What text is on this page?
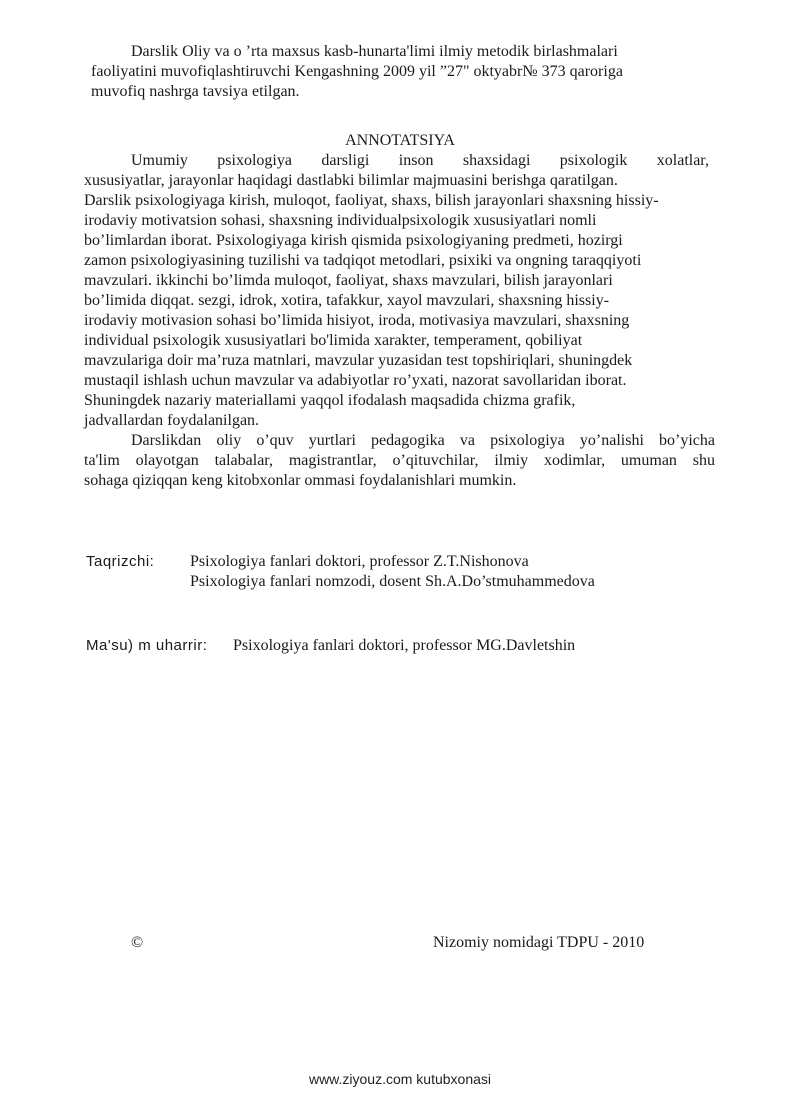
Darslik Oliy va o ’rta maxsus kasb-hunarta'limi ilmiy metodik birlashmalari
faoliyatini muvofiqlashtiruvchi Kengashning 2009 yil ”27" oktyabr№ 373 qaroriga
muvofiq nashrga tavsiya etilgan.
ANNOTATSIYA
Umumiy psixologiya darsligi inson shaxsidagi psixologik xolatlar,
xususiyatlar, jarayonlar haqidagi dastlabki bilimlar majmuasini berishga qaratilgan.
Darslik psixologiyaga kirish, muloqot, faoliyat, shaxs, bilish jarayonlari shaxsning hissiy-
irodaviy motivatsion sohasi, shaxsning individualpsixologik xususiyatlari nomli
bo’limlardan iborat. Psixologiyaga kirish qismida psixologiyaning predmeti, hozirgi
zamon psixologiyasining tuzilishi va tadqiqot metodlari, psixiki va ongning taraqqiyoti
mavzulari. ikkinchi bo’limda muloqot, faoliyat, shaxs mavzulari, bilish jarayonlari
bo’limida diqqat. sezgi, idrok, xotira, tafakkur, xayol mavzulari, shaxsning hissiy-
irodaviy motivasion sohasi bo’limida hisiyot, iroda, motivasiya mavzulari, shaxsning
individual psixologik xususiyatlari bo'limida xarakter, temperament, qobiliyat
mavzulariga doir ma’ruza matnlari, mavzular yuzasidan test topshiriqlari, shuningdek
mustaqil ishlash uchun mavzular va adabiyotlar ro’yxati, nazorat savollaridan iborat.
Shuningdek nazariy materiallami yaqqol ifodalash maqsadida chizma grafik,
jadvallardan foydalanilgan.
Darslikdan oliy o’quv yurtlari pedagogika va psixologiya yo’nalishi bo’yicha
ta'lim olayotgan talabalar, magistrantlar, o’qituvchilar, ilmiy xodimlar, umuman shu
sohaga qiziqqan keng kitobxonlar ommasi foydalanishlari mumkin.
Taqrizchi: Psixologiya fanlari doktori, professor Z.T.Nishonova
Psixologiya fanlari nomzodi, dosent Sh.A.Do’stmuhammedova
Ma'su) m uharrir: Psixologiya fanlari doktori, professor MG.Davletshin
©	Nizomiy nomidagi TDPU - 2010
www.ziyouz.com kutubxonasi
